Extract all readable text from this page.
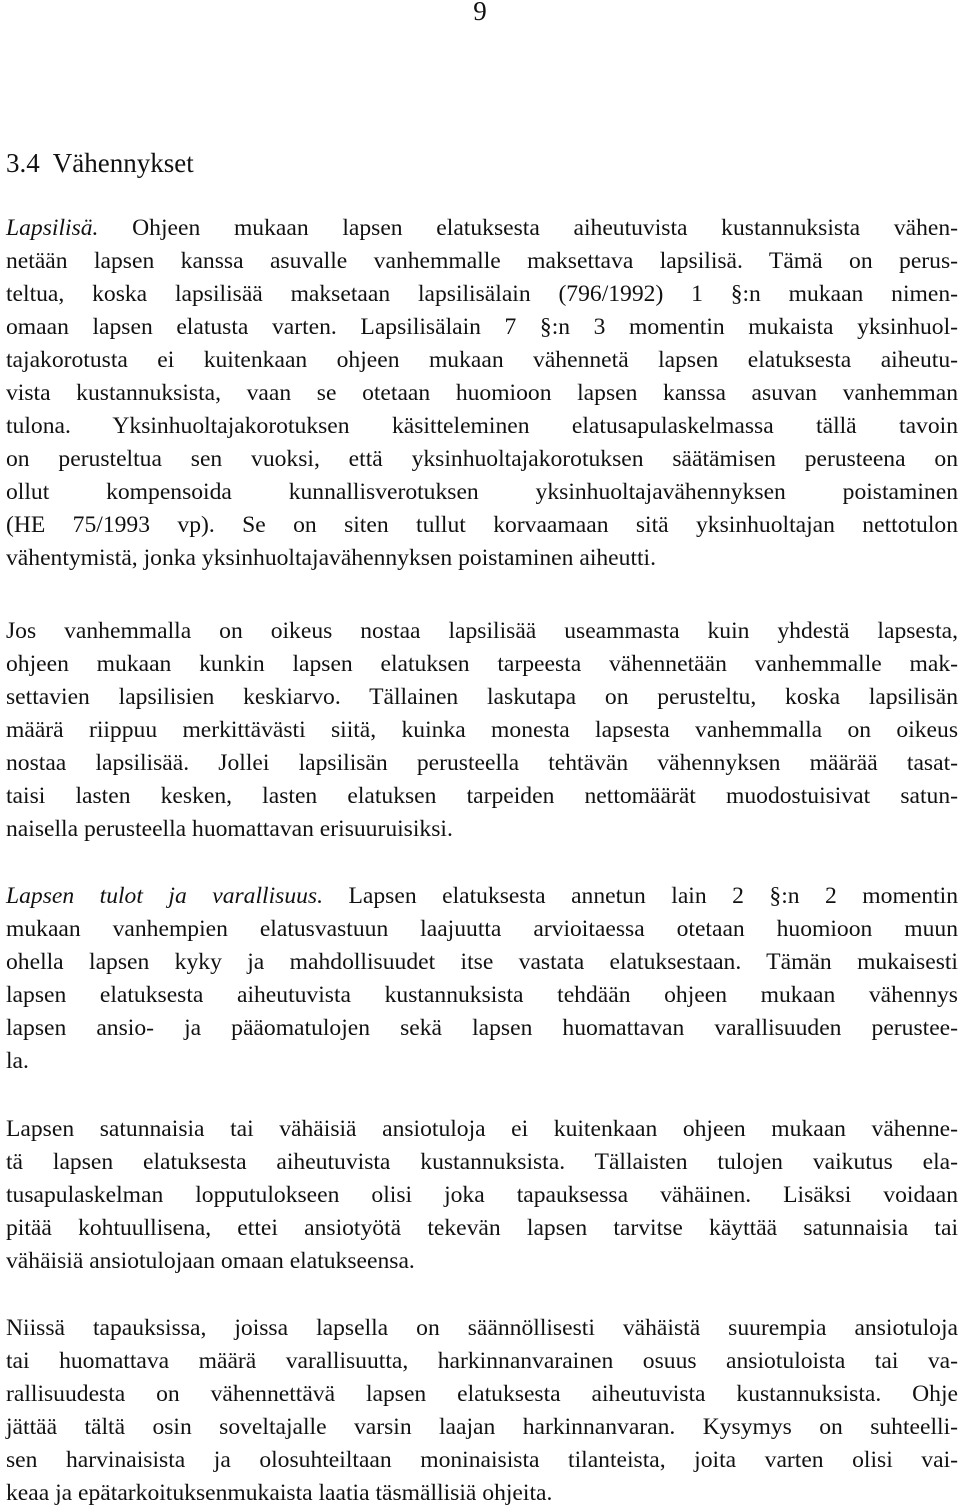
9
3.4  Vähennykset
Lapsilisä. Ohjeen mukaan lapsen elatuksesta aiheutuvista kustannuksista vähen-
netään lapsen kanssa asuvalle vanhemmalle maksettava lapsilisä. Tämä on perus-
teltua, koska lapsilisää maksetaan lapsilisälain (796/1992) 1 §:n mukaan nimen-
omaan lapsen elatusta varten. Lapsilisälain 7 §:n 3 momentin mukaista yksinhuol-
tajakorotusta ei kuitenkaan ohjeen mukaan vähennetä lapsen elatuksesta aiheutu-
vista kustannuksista, vaan se otetaan huomioon lapsen kanssa asuvan vanhemman
tulona. Yksinhuoltajakorotuksen käsitteleminen elatusapulaskelmassa tällä tavoin
on perusteltua sen vuoksi, että yksinhuoltajakorotuksen säätämisen perusteena on
ollut kompensoida kunnallisverotuksen yksinhuoltajavähennyksen poistaminen
(HE 75/1993 vp). Se on siten tullut korvaamaan sitä yksinhuoltajan nettotulon
vähentymistä, jonka yksinhuoltajavähennyksen poistaminen aiheutti.
Jos vanhemmalla on oikeus nostaa lapsilisää useammasta kuin yhdestä lapsesta,
ohjeen mukaan kunkin lapsen elatuksen tarpeesta vähennetään vanhemmalle mak-
settavien lapsilisien keskiarvo. Tällainen laskutapa on perusteltu, koska lapsilisän
määrä riippuu merkittävästi siitä, kuinka monesta lapsesta vanhemmalla on oikeus
nostaa lapsilisää. Jollei lapsilisän perusteella tehtävän vähennyksen määrää tasat-
taisi lasten kesken, lasten elatuksen tarpeiden nettomäärät muodostuisivat satun-
naisella perusteella huomattavan erisuuruisiksi.
Lapsen tulot ja varallisuus. Lapsen elatuksesta annetun lain 2 §:n 2 momentin
mukaan vanhempien elatusvastuun laajuutta arvioitaessa otetaan huomioon muun
ohella lapsen kyky ja mahdollisuudet itse vastata elatuksestaan. Tämän mukaisesti
lapsen elatuksesta aiheutuvista kustannuksista tehdään ohjeen mukaan vähennys
lapsen ansio- ja pääomatulojen sekä lapsen huomattavan varallisuuden perustee-
la.
Lapsen satunnaisia tai vähäisiä ansiotuloja ei kuitenkaan ohjeen mukaan vähenne-
tä lapsen elatuksesta aiheutuvista kustannuksista. Tällaisten tulojen vaikutus ela-
tusapulaskelman lopputulokseen olisi joka tapauksessa vähäinen. Lisäksi voidaan
pitää kohtuullisena, ettei ansiotyötä tekevän lapsen tarvitse käyttää satunnaisia tai
vähäisiä ansiotulojaan omaan elatukseensa.
Niissä tapauksissa, joissa lapsella on säännöllisesti vähäistä suurempia ansiotuloja
tai huomattava määrä varallisuutta, harkinnanvarainen osuus ansiotuloista tai va-
rallisuudesta on vähennettävä lapsen elatuksesta aiheutuvista kustannuksista. Ohje
jättää tältä osin soveltajalle varsin laajan harkinnanvaran. Kysymys on suhteelli-
sen harvinaisista ja olosuhteiltaan moninaisista tilanteista, joita varten olisi vai-
keaa ja epätarkoituksenmukaista laatia täsmällisiä ohjeita.
